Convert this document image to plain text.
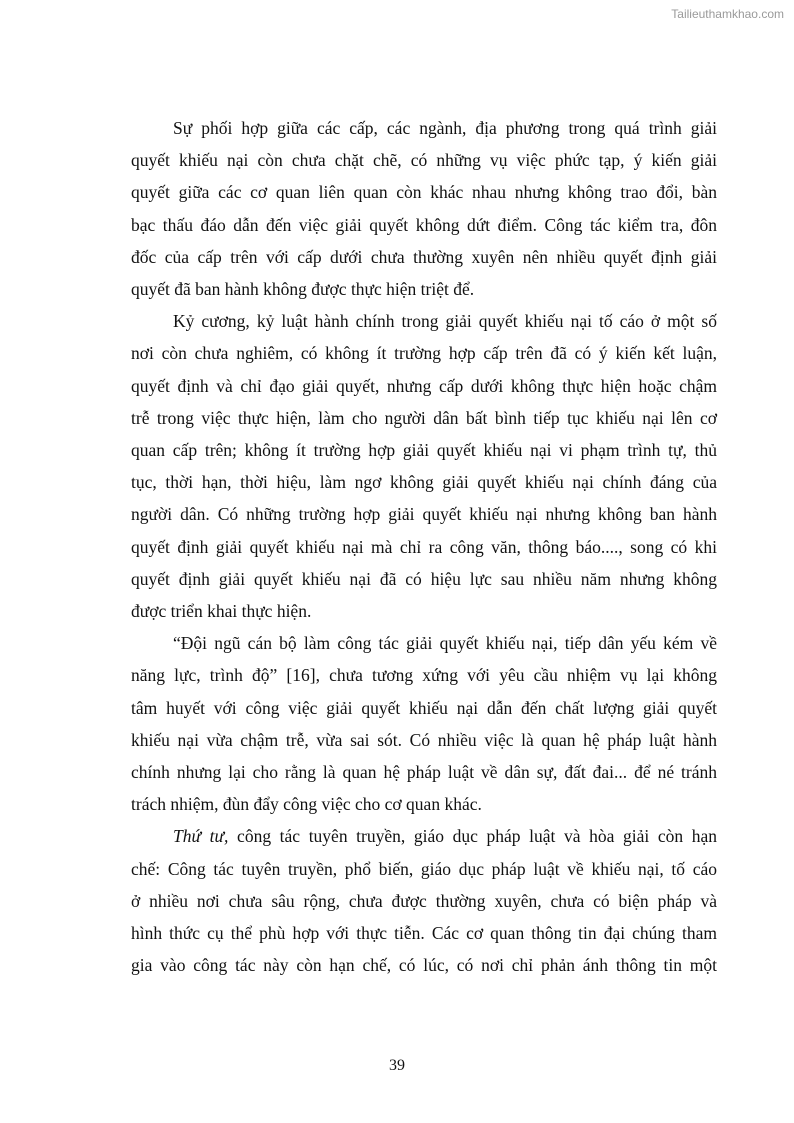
Tailieuthamkhao.com

Sự phối hợp giữa các cấp, các ngành, địa phương trong quá trình giải
quyết khiếu nại còn chưa chặt chẽ, có những vụ việc phức tạp, ý kiến giải
quyết giữa các cơ quan liên quan còn khác nhau nhưng không trao đổi, bàn
bạc thấu đáo dẫn đến việc giải quyết không dứt điểm. Công tác kiểm tra, đôn
đốc của cấp trên với cấp dưới chưa thường xuyên nên nhiều quyết định giải
quyết đã ban hành không được thực hiện triệt để.

Kỷ cương, kỷ luật hành chính trong giải quyết khiếu nại tố cáo ở một số
nơi còn chưa nghiêm, có không ít trường hợp cấp trên đã có ý kiến kết luận,
quyết định và chỉ đạo giải quyết, nhưng cấp dưới không thực hiện hoặc chậm
trễ trong việc thực hiện, làm cho người dân bất bình tiếp tục khiếu nại lên cơ
quan cấp trên; không ít trường hợp giải quyết khiếu nại vi phạm trình tự, thủ
tục, thời hạn, thời hiệu, làm ngơ không giải quyết khiếu nại chính đáng của
người dân. Có những trường hợp giải quyết khiếu nại nhưng không ban hành
quyết định giải quyết khiếu nại mà chỉ ra công văn, thông báo...., song có khi
quyết định giải quyết khiếu nại đã có hiệu lực sau nhiều năm nhưng không
được triển khai thực hiện.

“Đội ngũ cán bộ làm công tác giải quyết khiếu nại, tiếp dân yếu kém về
năng lực, trình độ” [16], chưa tương xứng với yêu cầu nhiệm vụ lại không
tâm huyết với công việc giải quyết khiếu nại dẫn đến chất lượng giải quyết
khiếu nại vừa chậm trễ, vừa sai sót. Có nhiều việc là quan hệ pháp luật hành
chính nhưng lại cho rằng là quan hệ pháp luật về dân sự, đất đai... để né tránh
trách nhiệm, đùn đẩy công việc cho cơ quan khác.

Thứ tư, công tác tuyên truyền, giáo dục pháp luật và hòa giải còn hạn
chế: Công tác tuyên truyền, phổ biến, giáo dục pháp luật về khiếu nại, tố cáo
ở nhiều nơi chưa sâu rộng, chưa được thường xuyên, chưa có biện pháp và
hình thức cụ thể phù hợp với thực tiễn. Các cơ quan thông tin đại chúng tham
gia vào công tác này còn hạn chế, có lúc, có nơi chỉ phản ánh thông tin một

39
